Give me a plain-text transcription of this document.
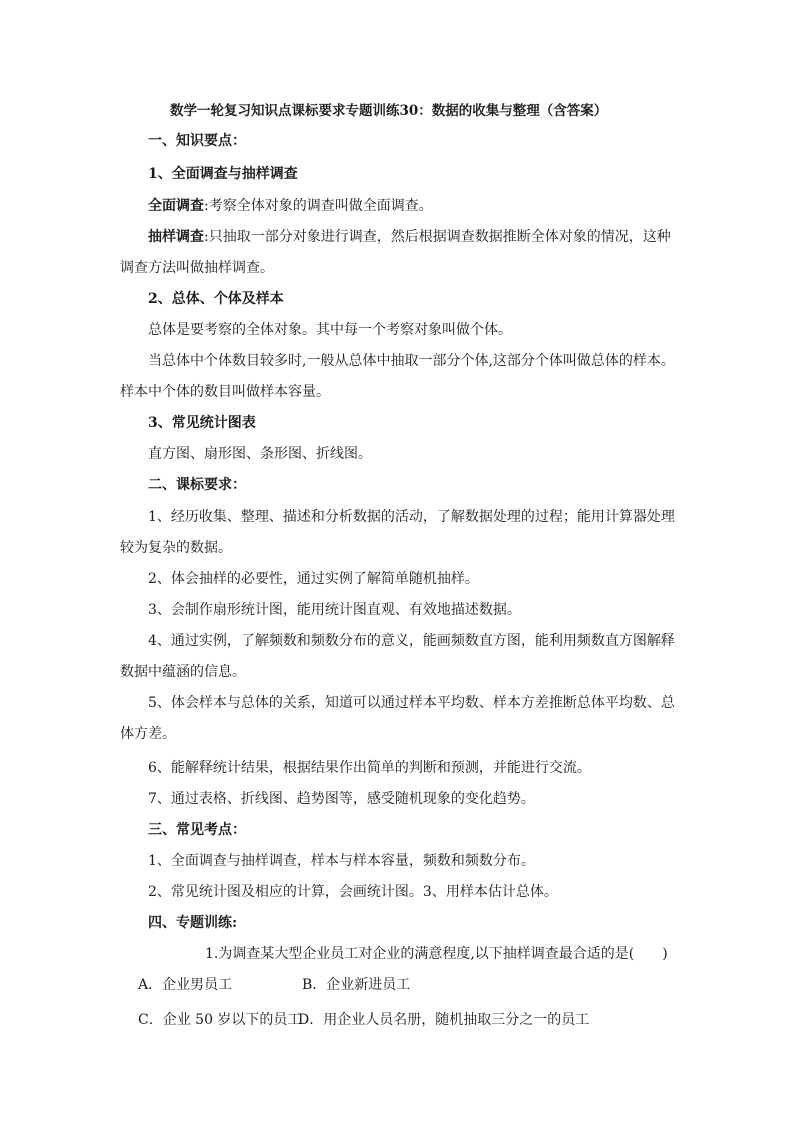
数学一轮复习知识点课标要求专题训练30：数据的收集与整理（含答案）
一、知识要点：
1、全面调查与抽样调查
全面调查:考察全体对象的调查叫做全面调查。
抽样调查:只抽取一部分对象进行调查，然后根据调查数据推断全体对象的情况，这种
调查方法叫做抽样调查。
2、总体、个体及样本
总体是要考察的全体对象。其中每一个考察对象叫做个体。
当总体中个体数目较多时,一般从总体中抽取一部分个体,这部分个体叫做总体的样本。
样本中个体的数目叫做样本容量。
3、常见统计图表
直方图、扇形图、条形图、折线图。
二、课标要求：
1、经历收集、整理、描述和分析数据的活动，了解数据处理的过程；能用计算器处理
较为复杂的数据。
2、体会抽样的必要性，通过实例了解简单随机抽样。
3、会制作扇形统计图，能用统计图直观、有效地描述数据。
4、通过实例，了解频数和频数分布的意义，能画频数直方图，能利用频数直方图解释
数据中蕴涵的信息。
5、体会样本与总体的关系，知道可以通过样本平均数、样本方差推断总体平均数、总
体方差。
6、能解释统计结果，根据结果作出简单的判断和预测，并能进行交流。
7、通过表格、折线图、趋势图等，感受随机现象的变化趋势。
三、常见考点：
1、全面调查与抽样调查，样本与样本容量，频数和频数分布。
2、常见统计图及相应的计算，会画统计图。3、用样本估计总体。
四、专题训练:
1.为调查某大型企业员工对企业的满意程度,以下抽样调查最合适的是(　　)
A．企业男员工	B．企业新进员工
C．企业 50 岁以下的员工
D．用企业人员名册，随机抽取三分之一的员工
